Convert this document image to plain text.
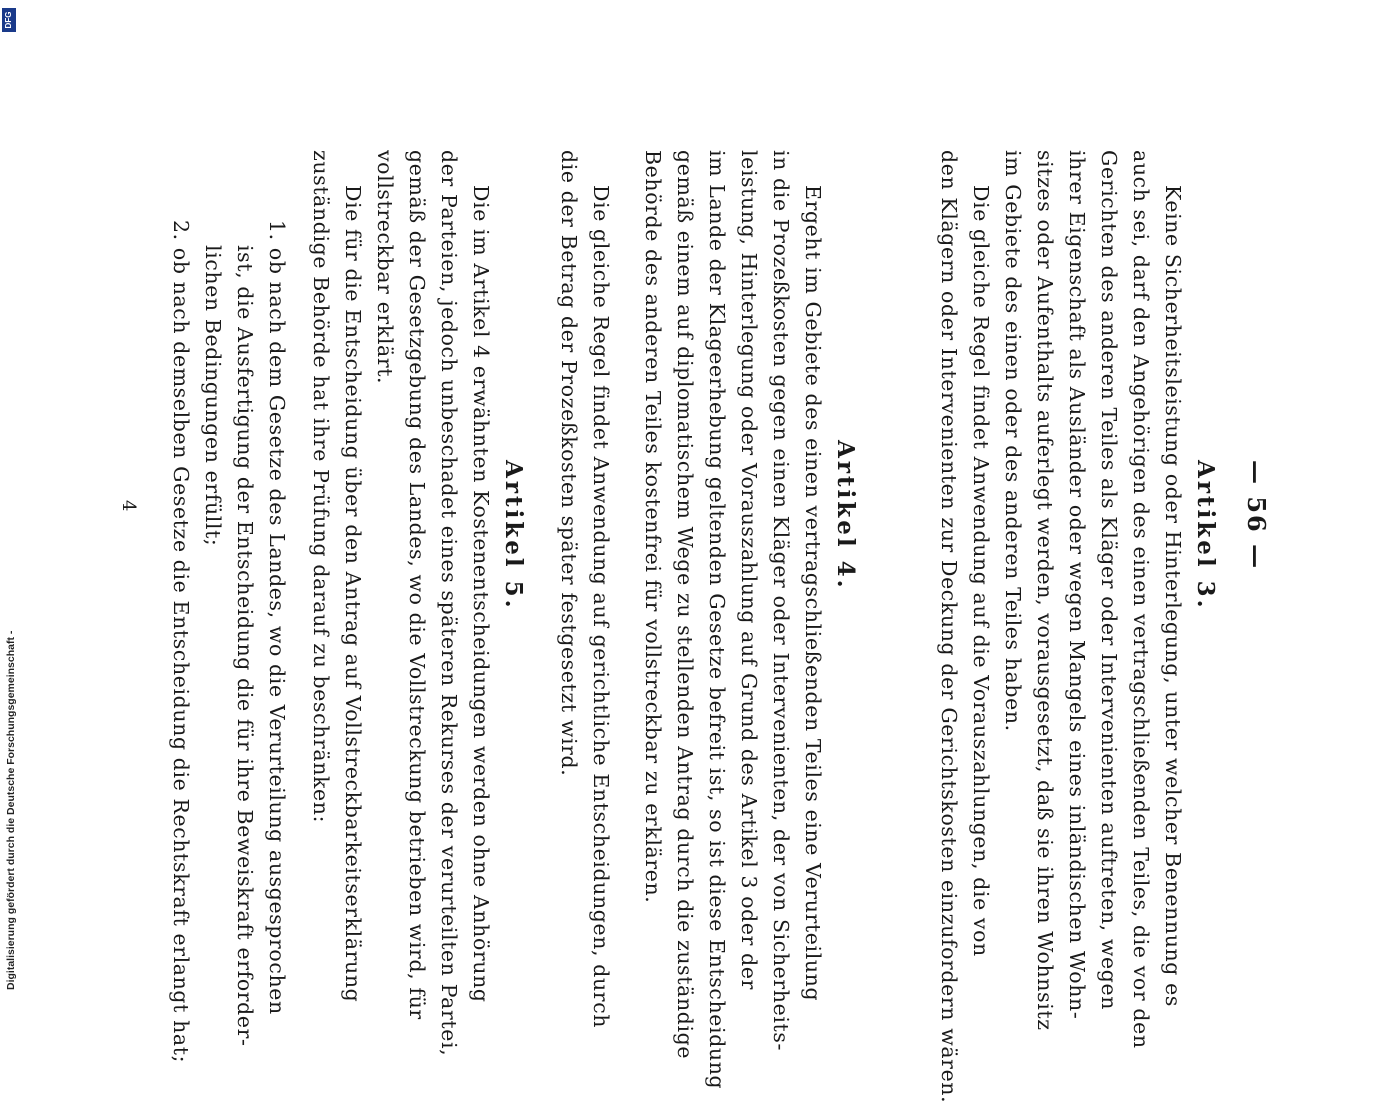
— 56 —
Artikel 3.
Keine Sicherheitsleistung oder Hinterlegung, unter welcher Benennung es
auch sei, darf den Angehörigen des einen vertragschließenden Teiles, die vor den
Gerichten des anderen Teiles als Kläger oder Intervenienten auftreten, wegen
ihrer Eigenschaft als Ausländer oder wegen Mangels eines inländischen Wohn-
sitzes oder Aufenthalts auferlegt werden, vorausgesetzt, daß sie ihren Wohnsitz
im Gebiete des einen oder des anderen Teiles haben.
Die gleiche Regel findet Anwendung auf die Vorauszahlungen, die von
den Klägern oder Intervenienten zur Deckung der Gerichtskosten einzufordern wären.
Artikel 4.
Ergeht im Gebiete des einen vertragschließenden Teiles eine Verurteilung
in die Prozeßkosten gegen einen Kläger oder Intervenienten, der von Sicherheits-
leistung, Hinterlegung oder Vorauszahlung auf Grund des Artikel 3 oder der
im Lande der Klageerhebung geltenden Gesetze befreit ist, so ist diese Entscheidung
gemäß einem auf diplomatischem Wege zu stellenden Antrag durch die zuständige
Behörde des anderen Teiles kostenfrei für vollstreckbar zu erklären.
Die gleiche Regel findet Anwendung auf gerichtliche Entscheidungen, durch
die der Betrag der Prozeßkosten später festgesetzt wird.
Artikel 5.
Die im Artikel 4 erwähnten Kostenentscheidungen werden ohne Anhörung
der Parteien, jedoch unbeschadet eines späteren Rekurses der verurteilten Partei,
gemäß der Gesetzgebung des Landes, wo die Vollstreckung betrieben wird, für
vollstreckbar erklärt.
Die für die Entscheidung über den Antrag auf Vollstreckbarkeitserklärung
zuständige Behörde hat ihre Prüfung darauf zu beschränken:
1. ob nach dem Gesetze des Landes, wo die Verurteilung ausgesprochen
ist, die Ausfertigung der Entscheidung die für ihre Beweiskraft erforder-
lichen Bedingungen erfüllt;
2. ob nach demselben Gesetze die Entscheidung die Rechtskraft erlangt hat;
4
Digitalisierung gefördert durch die Deutsche Forschungsgemeinschaft -
DFG
